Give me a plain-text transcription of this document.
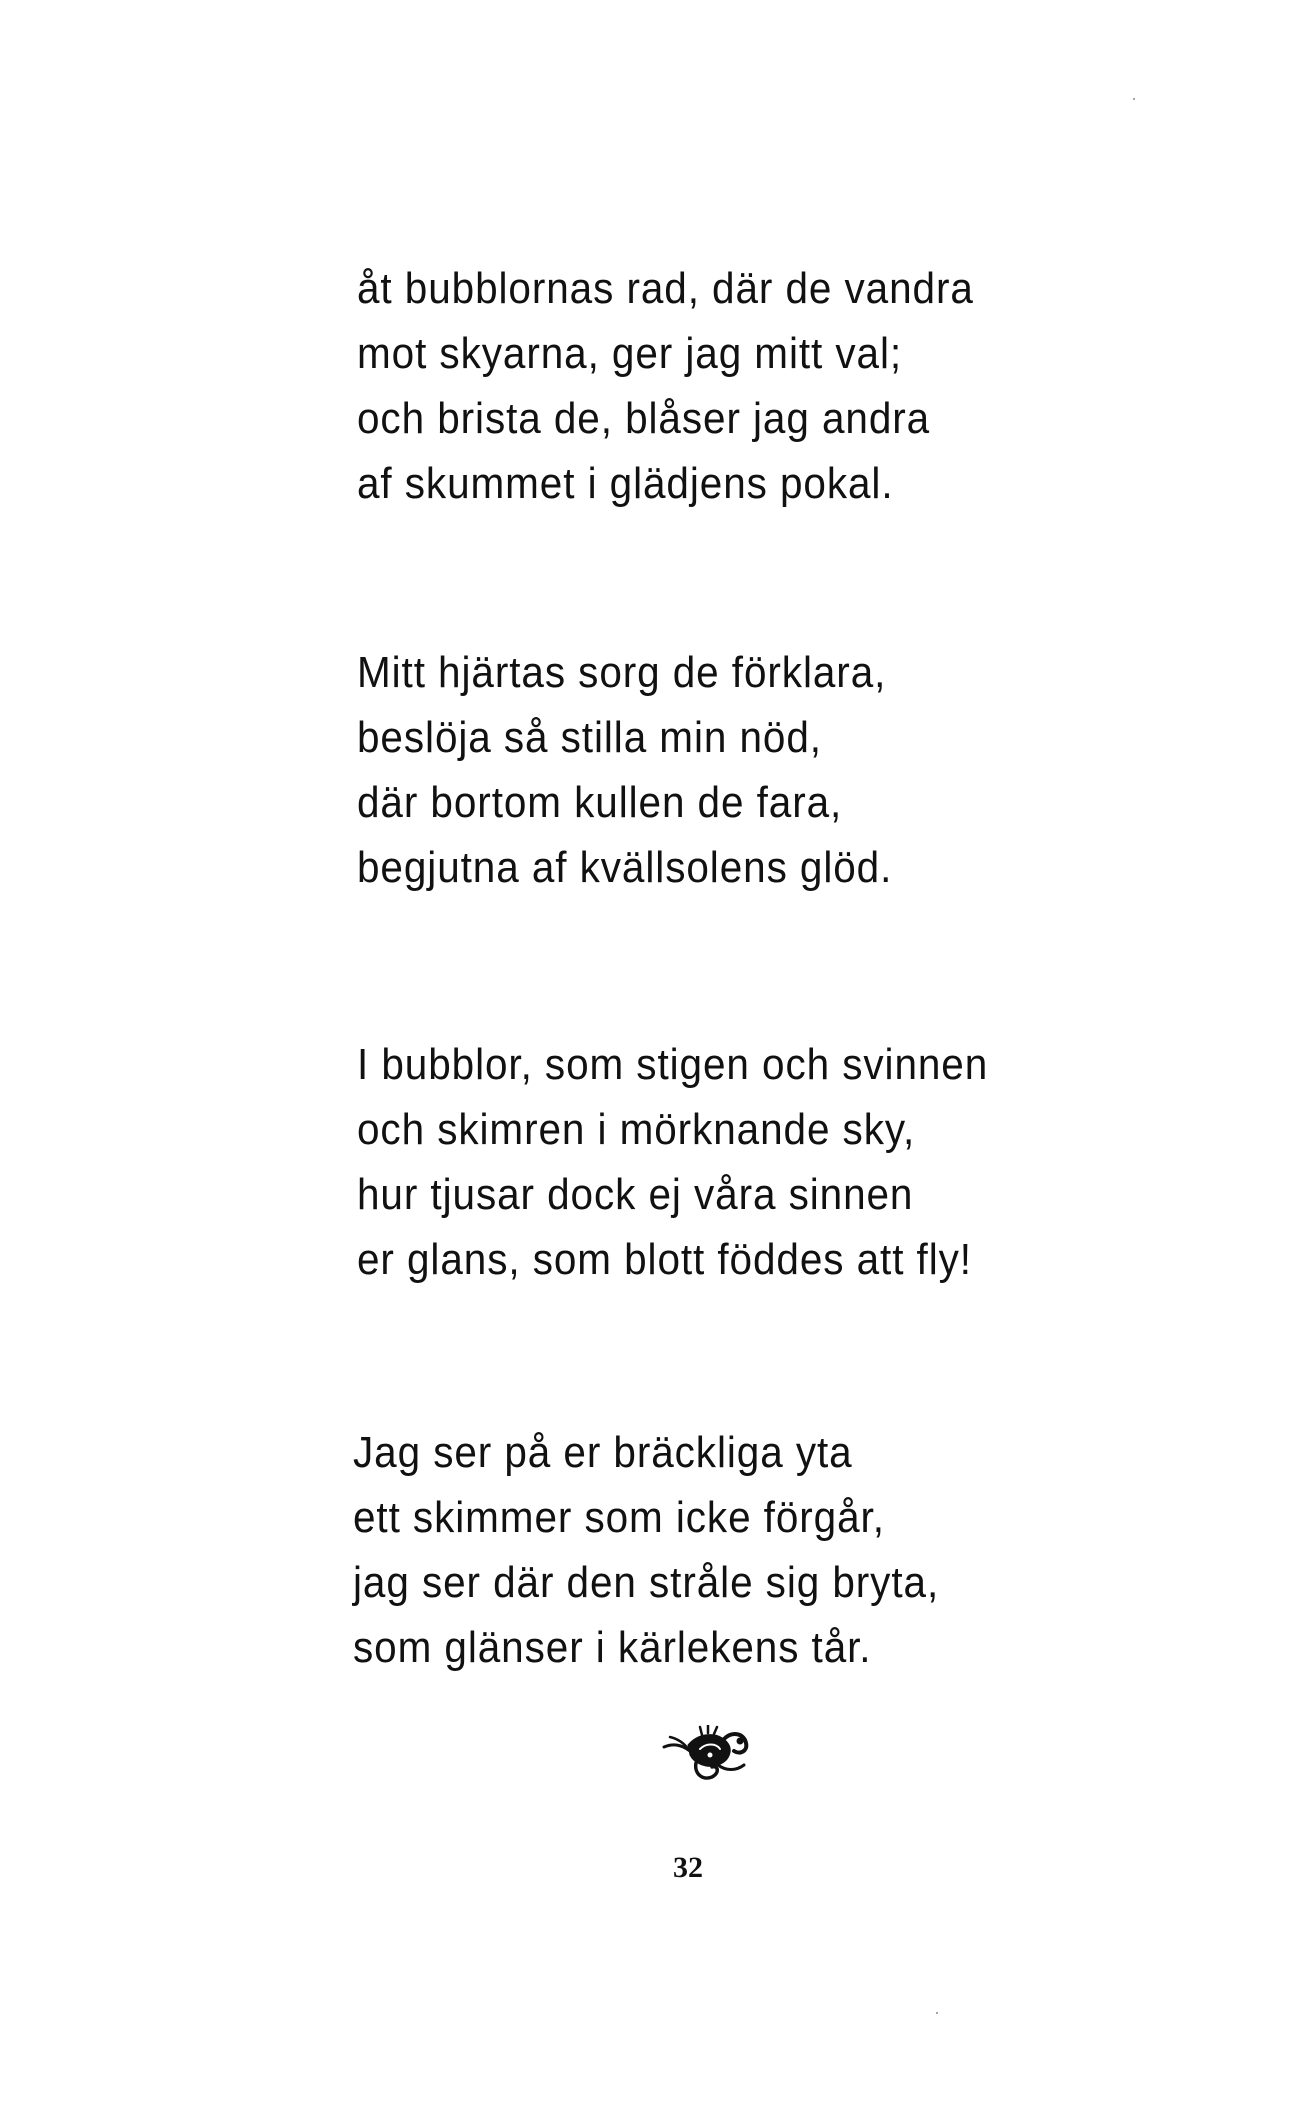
åt bubblornas rad, där de vandra
mot skyarna, ger jag mitt val;
och brista de, blåser jag andra
af skummet i glädjens pokal.
Mitt hjärtas sorg de förklara,
beslöja så stilla min nöd,
där bortom kullen de fara,
begjutna af kvällsolens glöd.
I bubblor, som stigen och svinnen
och skimren i mörknande sky,
hur tjusar dock ej våra sinnen
er glans, som blott föddes att fly!
Jag ser på er bräckliga yta
ett skimmer som icke förgår,
jag ser där den stråle sig bryta,
som glänser i kärlekens tår.
32
